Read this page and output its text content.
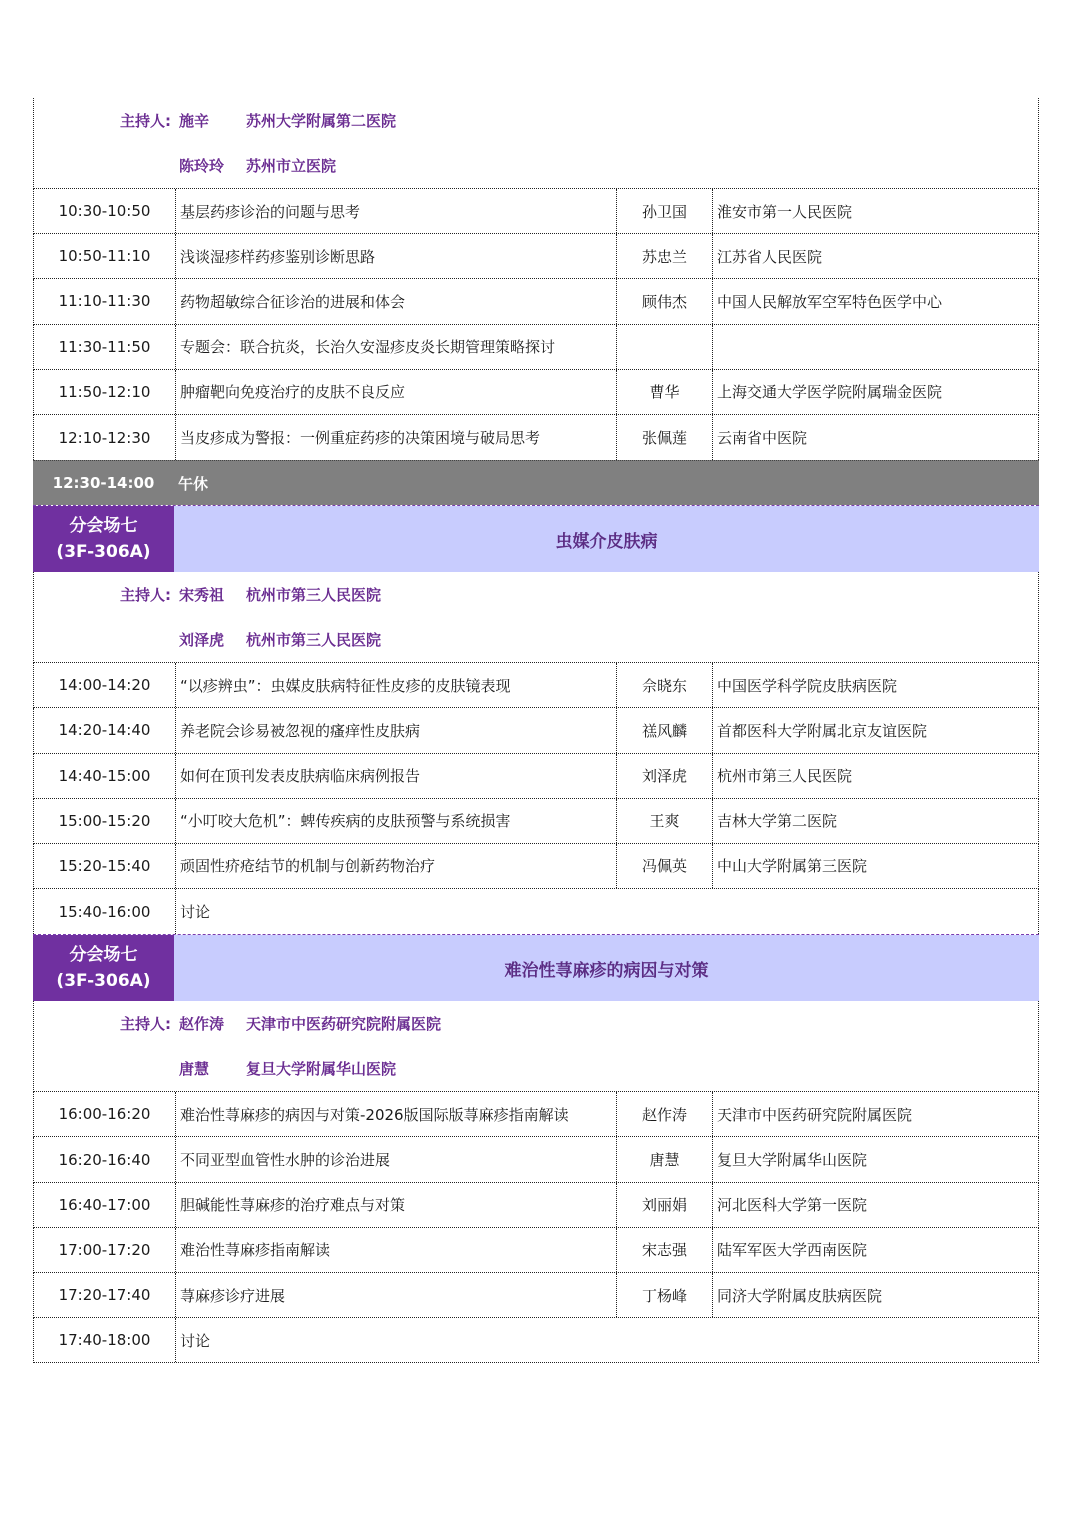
主持人: 施辛 苏州大学附属第二医院
陈玲玲 苏州市立医院
10:30-10:50	基层药疹诊治的问题与思考	孙卫国	淮安市第一人民医院
10:50-11:10	浅谈湿疹样药疹鉴别诊断思路	苏忠兰	江苏省人民医院
11:10-11:30	药物超敏综合征诊治的进展和体会	顾伟杰	中国人民解放军空军特色医学中心
11:30-11:50	专题会：联合抗炎，长治久安湿疹皮炎长期管理策略探讨
11:50-12:10	肿瘤靶向免疫治疗的皮肤不良反应	曹华	上海交通大学医学院附属瑞金医院
12:10-12:30	当皮疹成为警报：一例重症药疹的决策困境与破局思考	张佩莲	云南省中医院
12:30-14:00	午休
分会场七
(3F-306A)
虫媒介皮肤病
主持人: 宋秀祖 杭州市第三人民医院
刘泽虎 杭州市第三人民医院
14:00-14:20	“以疹辨虫”：虫媒皮肤病特征性皮疹的皮肤镜表现	佘晓东	中国医学科学院皮肤病医院
14:20-14:40	养老院会诊易被忽视的瘙痒性皮肤病	禚风麟	首都医科大学附属北京友谊医院
14:40-15:00	如何在顶刊发表皮肤病临床病例报告	刘泽虎	杭州市第三人民医院
15:00-15:20	“小叮咬大危机”：蜱传疾病的皮肤预警与系统损害	王爽	吉林大学第二医院
15:20-15:40	顽固性疥疮结节的机制与创新药物治疗	冯佩英	中山大学附属第三医院
15:40-16:00	讨论
分会场七
(3F-306A)
难治性荨麻疹的病因与对策
主持人: 赵作涛 天津市中医药研究院附属医院
唐慧 复旦大学附属华山医院
16:00-16:20	难治性荨麻疹的病因与对策-2026版国际版荨麻疹指南解读	赵作涛	天津市中医药研究院附属医院
16:20-16:40	不同亚型血管性水肿的诊治进展	唐慧	复旦大学附属华山医院
16:40-17:00	胆碱能性荨麻疹的治疗难点与对策	刘丽娟	河北医科大学第一医院
17:00-17:20	难治性荨麻疹指南解读	宋志强	陆军军医大学西南医院
17:20-17:40	荨麻疹诊疗进展	丁杨峰	同济大学附属皮肤病医院
17:40-18:00	讨论
